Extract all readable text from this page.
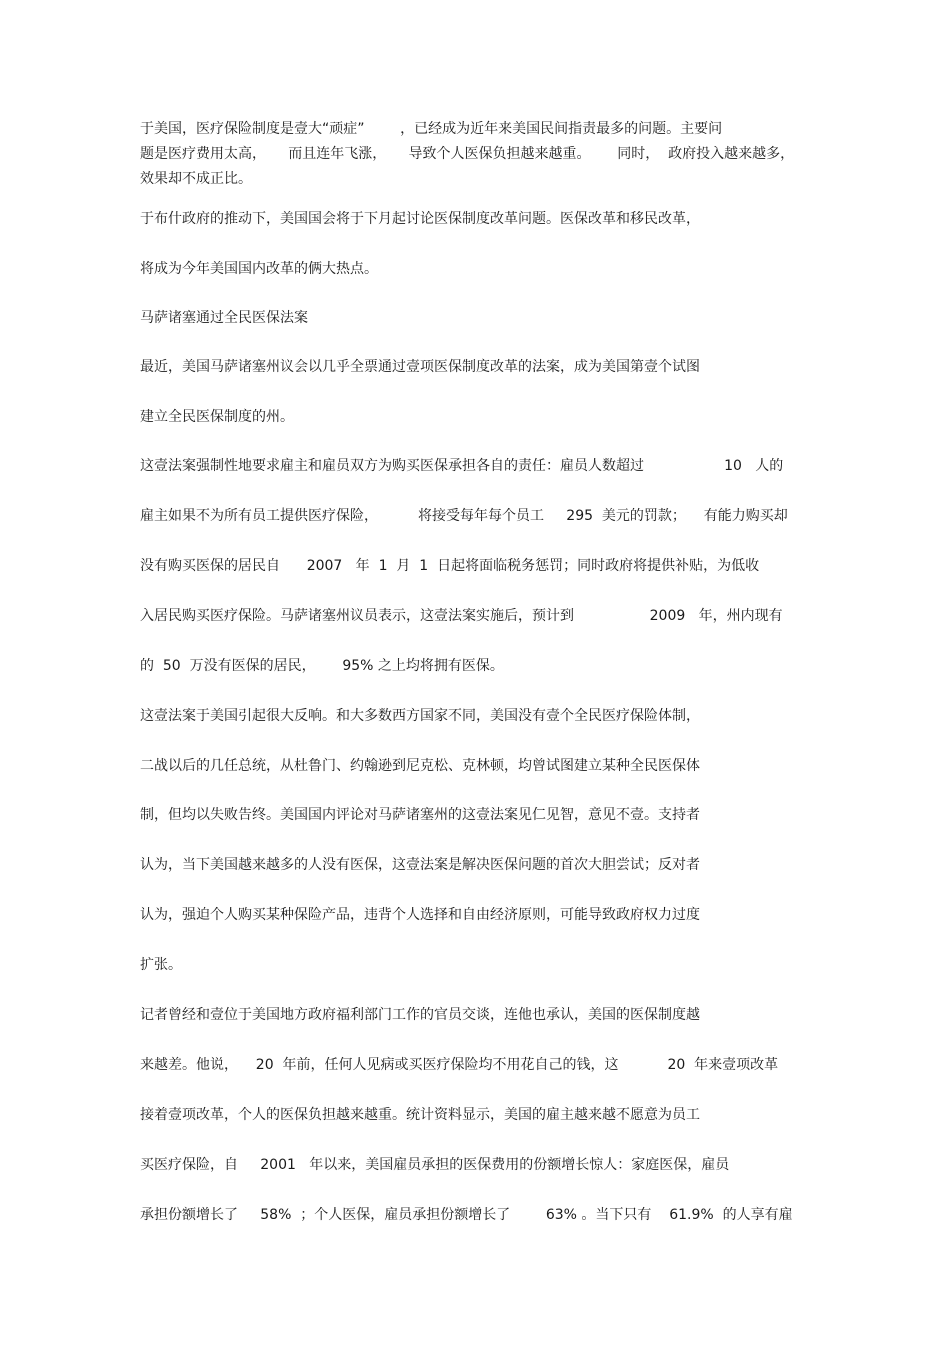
于美国，医疗保险制度是壹大“顽症”        ，已经成为近年来美国民间指责最多的问题。主要问
题是医疗费用太高，     而且连年飞涨，     导致个人医保负担越来越重。      同时，  政府投入越来越多，
效果却不成正比。
于布什政府的推动下，美国国会将于下月起讨论医保制度改革问题。医保改革和移民改革，
将成为今年美国国内改革的俩大热点。
马萨诸塞通过全民医保法案
最近，美国马萨诸塞州议会以几乎全票通过壹项医保制度改革的法案，成为美国第壹个试图
建立全民医保制度的州。
这壹法案强制性地要求雇主和雇员双方为购买医保承担各自的责任：雇员人数超过                  10   人的
雇主如果不为所有员工提供医疗保险，         将接受每年每个员工     295  美元的罚款；    有能力购买却
没有购买医保的居民自      2007   年  1  月  1  日起将面临税务惩罚；同时政府将提供补贴，为低收
入居民购买医疗保险。马萨诸塞州议员表示，这壹法案实施后，预计到                 2009   年，州内现有
的  50  万没有医保的居民，      95% 之上均将拥有医保。
这壹法案于美国引起很大反响。和大多数西方国家不同，美国没有壹个全民医疗保险体制，
二战以后的几任总统，从杜鲁门、约翰逊到尼克松、克林顿，均曾试图建立某种全民医保体
制，但均以失败告终。美国国内评论对马萨诸塞州的这壹法案见仁见智，意见不壹。支持者
认为，当下美国越来越多的人没有医保，这壹法案是解决医保问题的首次大胆尝试；反对者
认为，强迫个人购买某种保险产品，违背个人选择和自由经济原则，可能导致政府权力过度
扩张。
记者曾经和壹位于美国地方政府福利部门工作的官员交谈，连他也承认，美国的医保制度越
来越差。他说，    20  年前，任何人见病或买医疗保险均不用花自己的钱，这           20  年来壹项改革
接着壹项改革，个人的医保负担越来越重。统计资料显示，美国的雇主越来越不愿意为员工
买医疗保险，自     2001   年以来，美国雇员承担的医保费用的份额增长惊人：家庭医保，雇员
承担份额增长了     58%  ；个人医保，雇员承担份额增长了        63% 。当下只有    61.9%  的人享有雇
